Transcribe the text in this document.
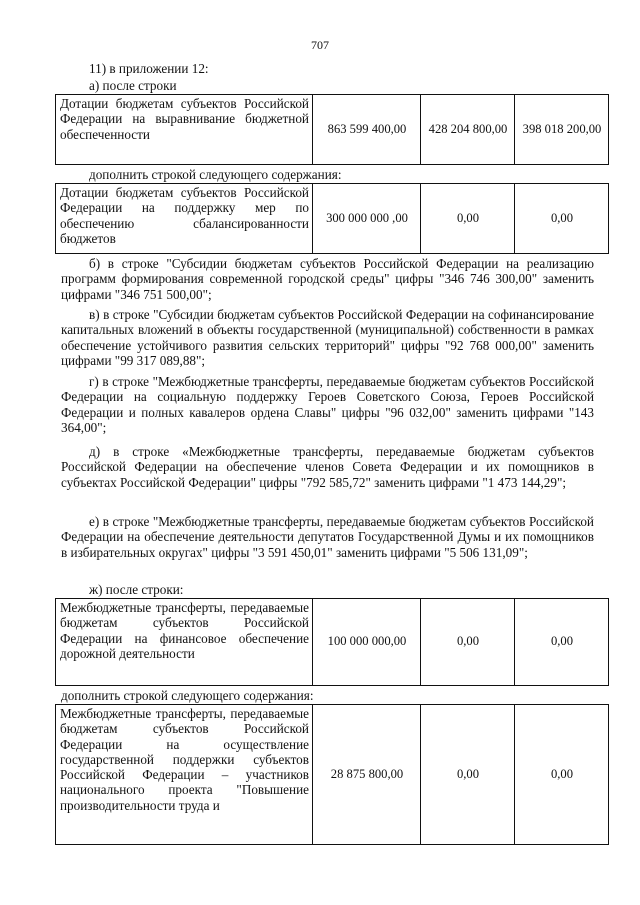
707
11) в приложении 12:
а) после строки
Дотации бюджетам субъектов Российской Федерации на выравнивание бюджетной обеспеченности	863 599 400,00	428 204 800,00	398 018 200,00
дополнить строкой следующего содержания:
Дотации бюджетам субъектов Российской Федерации на поддержку мер по обеспечению сбалансированности бюджетов	300 000 000 ,00	0,00	0,00
б) в строке "Субсидии бюджетам субъектов Российской Федерации на реализацию программ формирования современной городской среды" цифры "346 746 300,00" заменить цифрами "346 751 500,00";
в) в строке "Субсидии бюджетам субъектов Российской Федерации на софинансирование капитальных вложений в объекты государственной (муниципальной) собственности в рамках обеспечение устойчивого развития сельских территорий" цифры "92 768 000,00" заменить цифрами "99 317 089,88";
г) в строке "Межбюджетные трансферты, передаваемые бюджетам субъектов Российской Федерации на социальную поддержку Героев Советского Союза, Героев Российской Федерации и полных кавалеров ордена Славы" цифры "96 032,00" заменить цифрами "143 364,00";
д) в строке «Межбюджетные трансферты, передаваемые бюджетам субъектов Российской Федерации на обеспечение членов Совета Федерации и их помощников в субъектах Российской Федерации" цифры "792 585,72" заменить цифрами "1 473 144,29";
е) в строке "Межбюджетные трансферты, передаваемые бюджетам субъектов Российской Федерации на обеспечение деятельности депутатов Государственной Думы и их помощников в избирательных округах" цифры "3 591 450,01" заменить цифрами "5 506 131,09";
ж) после строки:
Межбюджетные трансферты, передаваемые бюджетам субъектов Российской Федерации на финансовое обеспечение дорожной деятельности	100 000 000,00	0,00	0,00
дополнить строкой следующего содержания:
Межбюджетные трансферты, передаваемые бюджетам субъектов Российской Федерации на осуществление государственной поддержки субъектов Российской Федерации – участников национального проекта "Повышение производительности труда и	28 875 800,00	0,00	0,00
